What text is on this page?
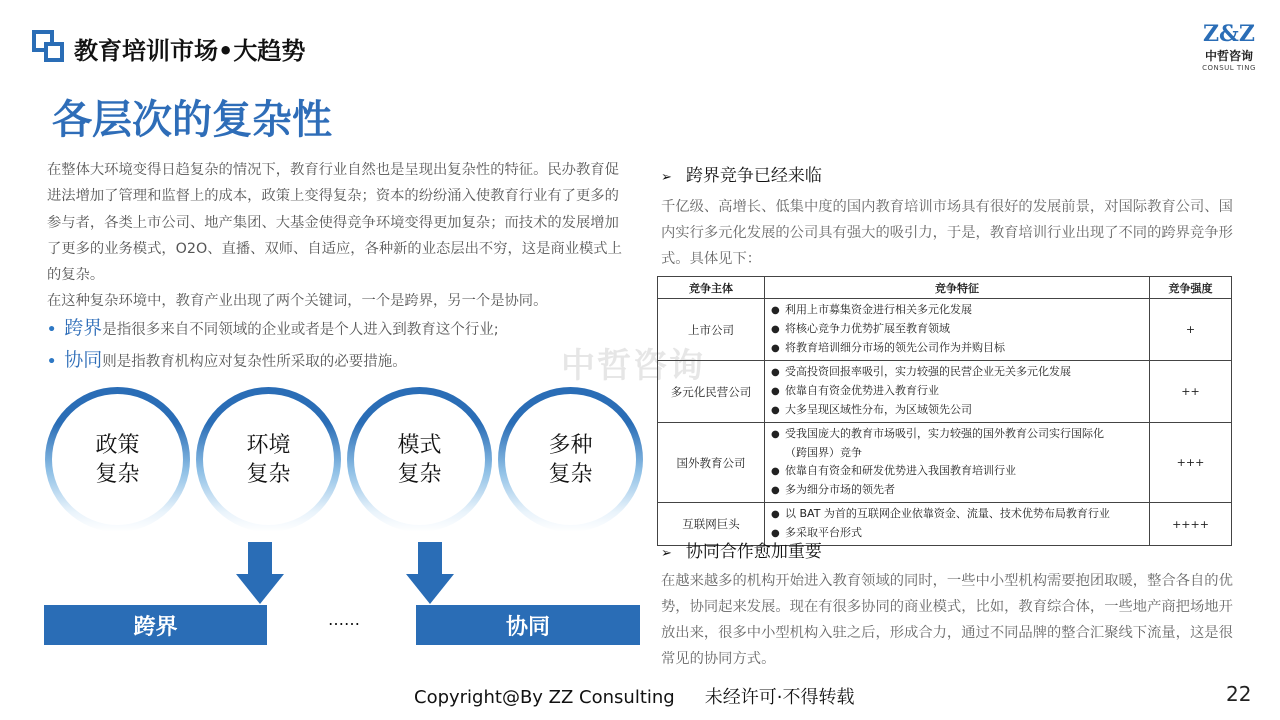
教育培训市场•大趋势
Z&Z
中哲咨询
CONSUL TING
各层次的复杂性

在整体大环境变得日趋复杂的情况下，教育行业自然也是呈现出复杂性的特征。民办教育促进法增加了管理和监督上的成本，政策上变得复杂；资本的纷纷涌入使教育行业有了更多的参与者，各类上市公司、地产集团、大基金使得竞争环境变得更加复杂；而技术的发展增加了更多的业务模式，O2O、直播、双师、自适应，各种新的业态层出不穷，这是商业模式上的复杂。

在这种复杂环境中，教育产业出现了两个关键词，一个是跨界，另一个是协同。

• 跨界是指很多来自不同领域的企业或者是个人进入到教育这个行业;
• 协同则是指教育机构应对复杂性所采取的必要措施。	中哲咨询
政策
复杂
环境
复杂
模式
复杂
多种
复杂
跨界	……	协同
➢ 跨界竞争已经来临
千亿级、高增长、低集中度的国内教育培训市场具有很好的发展前景，对国际教育公司、国内实行多元化发展的公司具有强大的吸引力，于是，教育培训行业出现了不同的跨界竞争形式。具体见下：
竞争主体	竞争特征	竞争强度
上市公司	● 利用上市募集资金进行相关多元化发展
● 将核心竞争力优势扩展至教育领域
● 将教育培训细分市场的领先公司作为并购目标	+
多元化民营公司	● 受高投资回报率吸引，实力较强的民营企业无关多元化发展
● 依靠自有资金优势进入教育行业
● 大多呈现区域性分布，为区域领先公司	++
国外教育公司	● 受我国庞大的教育市场吸引，实力较强的国外教育公司实行国际化
（跨国界）竞争
● 依靠自有资金和研发优势进入我国教育培训行业
● 多为细分市场的领先者	+++
互联网巨头	● 以 BAT 为首的互联网企业依靠资金、流量、技术优势布局教育行业
● 多采取平台形式	++++
➢ 协同合作愈加重要
在越来越多的机构开始进入教育领域的同时，一些中小型机构需要抱团取暖，整合各自的优势，协同起来发展。现在有很多协同的商业模式，比如，教育综合体，一些地产商把场地开放出来，很多中小型机构入驻之后，形成合力，通过不同品牌的整合汇聚线下流量，这是很常见的协同方式。
Copyright@By ZZ Consulting 未经许可·不得转载	22
